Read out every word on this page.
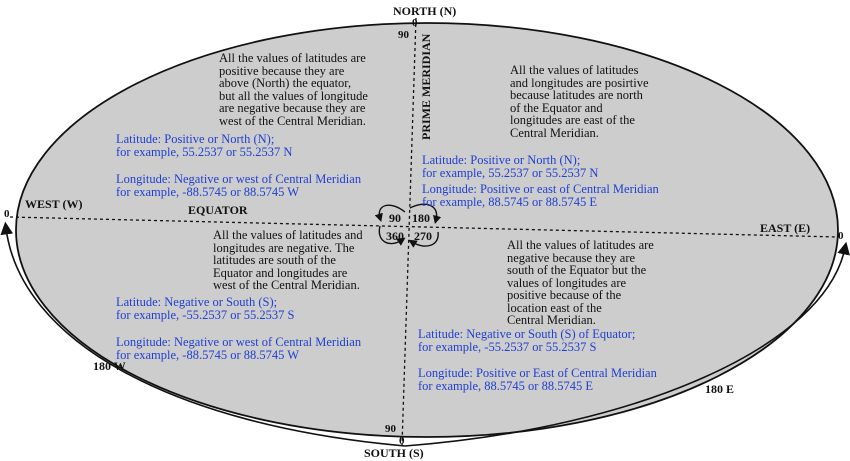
NORTH (N)
0
90 PRIME MERIDIAN
90
0
SOUTH (S)
WEST (W)
0
EAST (E)
0
EQUATOR
90 180
360 270
180 W
180 E
All the values of latitudes are
positive because they are
above (North) the equator,
but all the values of longitude
are negative because they are
west of the Central Meridian.
Latitude: Positive or North (N);
for example, 55.2537 or 55.2537 N
Longitude: Negative or west of Central Meridian
for example, -88.5745 or 88.5745 W
All the values of latitudes
and longitudes are posirtive
because latitudes are north
of the Equator and
longitudes are east of the
Central Meridian.
Latitude: Positive or North (N);
for example, 55.2537 or 55.2537 N
Longitude: Positive or east of Central Meridian
for example, 88.5745 or 88.5745 E
All the values of latitudes and
longitudes are negative. The
latitudes are south of the
Equator and longitudes are
west of the Central Meridian.
Latitude: Negative or South (S);
for example, -55.2537 or 55.2537 S
Longitude: Negative or west of Central Meridian
for example, -88.5745 or 88.5745 W
All the values of latitudes are
negative because they are
south of the Equator but the
values of longitudes are
positive because of the
location east of the
Central Meridian.
Latitude: Negative or South (S) of Equator;
for example, -55.2537 or 55.2537 S
Longitude: Positive or East of Central Meridian
for example, 88.5745 or 88.5745 E
